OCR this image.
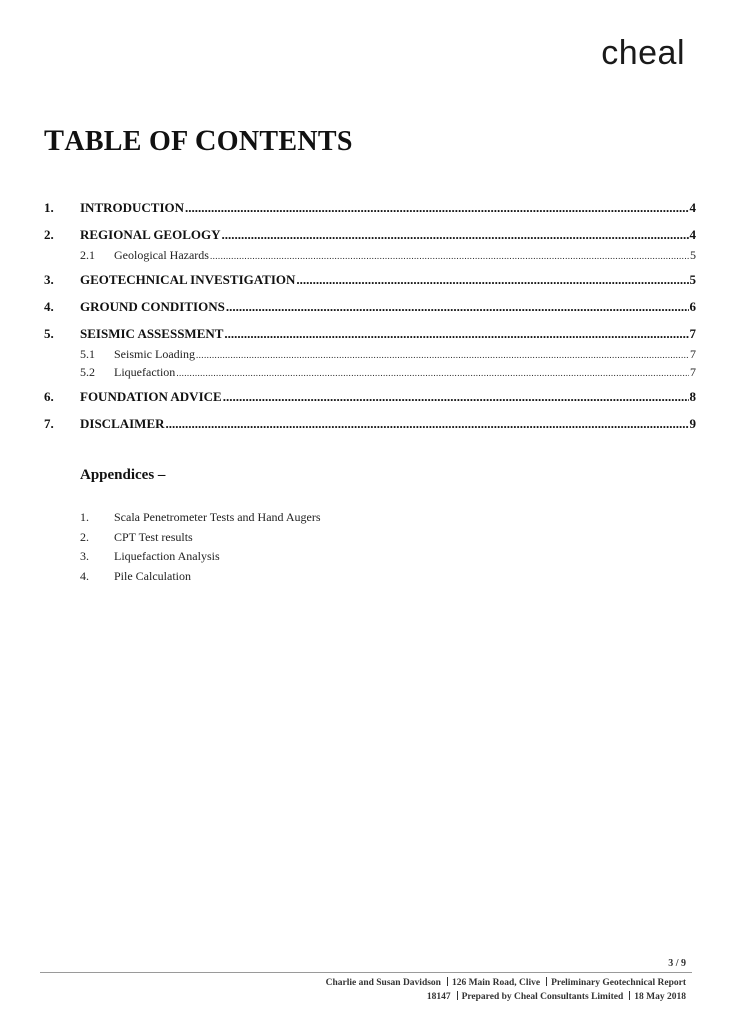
cheal
TABLE OF CONTENTS
1.	INTRODUCTION .....	4
2.	REGIONAL GEOLOGY .....	4
2.1	Geological Hazards .....	5
3.	GEOTECHNICAL INVESTIGATION .....	5
4.	GROUND CONDITIONS .....	6
5.	SEISMIC ASSESSMENT .....	7
5.1	Seismic Loading .....	7
5.2	Liquefaction .....	7
6.	FOUNDATION ADVICE .....	8
7.	DISCLAIMER .....	9
Appendices –
1.	Scala Penetrometer Tests and Hand Augers
2.	CPT Test results
3.	Liquefaction Analysis
4.	Pile Calculation
3 / 9
Charlie and Susan Davidson 126 Main Road, Clive Preliminary Geotechnical Report
18147 Prepared by Cheal Consultants Limited 18 May 2018
